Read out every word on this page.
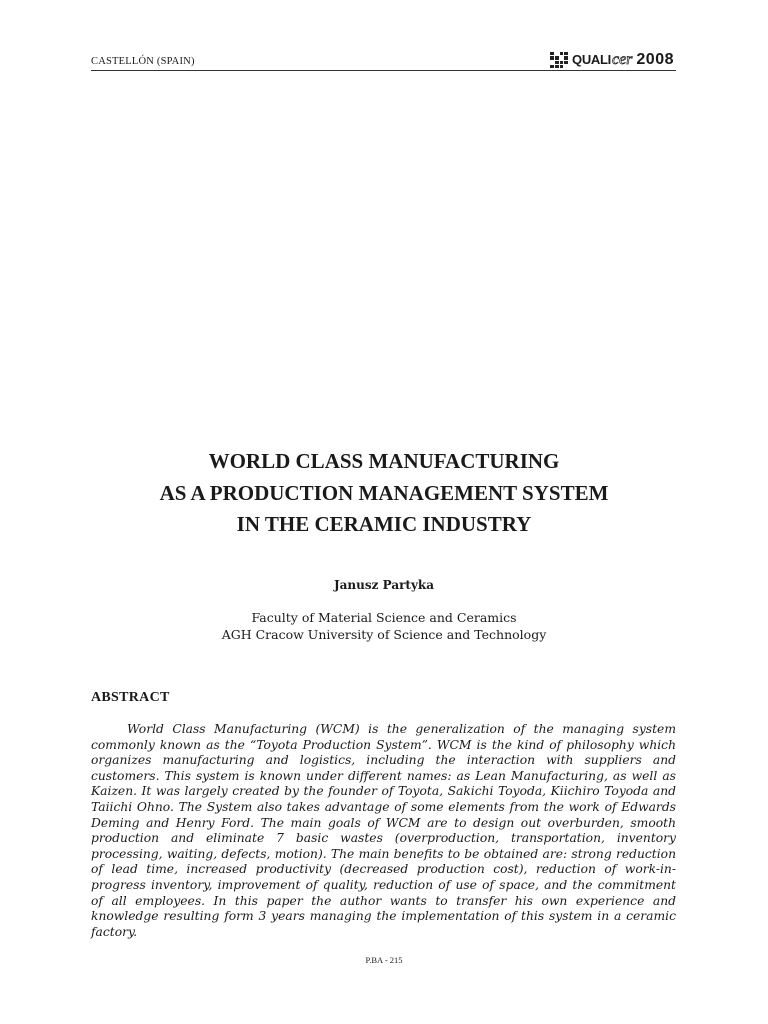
CASTELLÓN (SPAIN)	QUALI cer 2008
WORLD CLASS MANUFACTURING
AS A PRODUCTION MANAGEMENT SYSTEM
IN THE CERAMIC INDUSTRY
Janusz Partyka
Faculty of Material Science and Ceramics
AGH Cracow University of Science and Technology
ABSTRACT

World Class Manufacturing (WCM) is the generalization of the managing system commonly known as the “Toyota Production System”. WCM is the kind of philosophy which organizes manufacturing and logistics, including the interaction with suppliers and customers. This system is known under different names: as Lean Manufacturing, as well as Kaizen. It was largely created by the founder of Toyota, Sakichi Toyoda, Kiichiro Toyoda and Taiichi Ohno. The System also takes advantage of some elements from the work of Edwards Deming and Henry Ford. The main goals of WCM are to design out overburden, smooth production and eliminate 7 basic wastes (overproduction, transportation, inventory processing, waiting, defects, motion). The main benefits to be obtained are: strong reduction of lead time, increased productivity (decreased production cost), reduction of work-in-progress inventory, improvement of quality, reduction of use of space, and the commitment of all employees. In this paper the author wants to transfer his own experience and knowledge resulting form 3 years managing the implementation of this system in a ceramic factory.

P.BA - 215
